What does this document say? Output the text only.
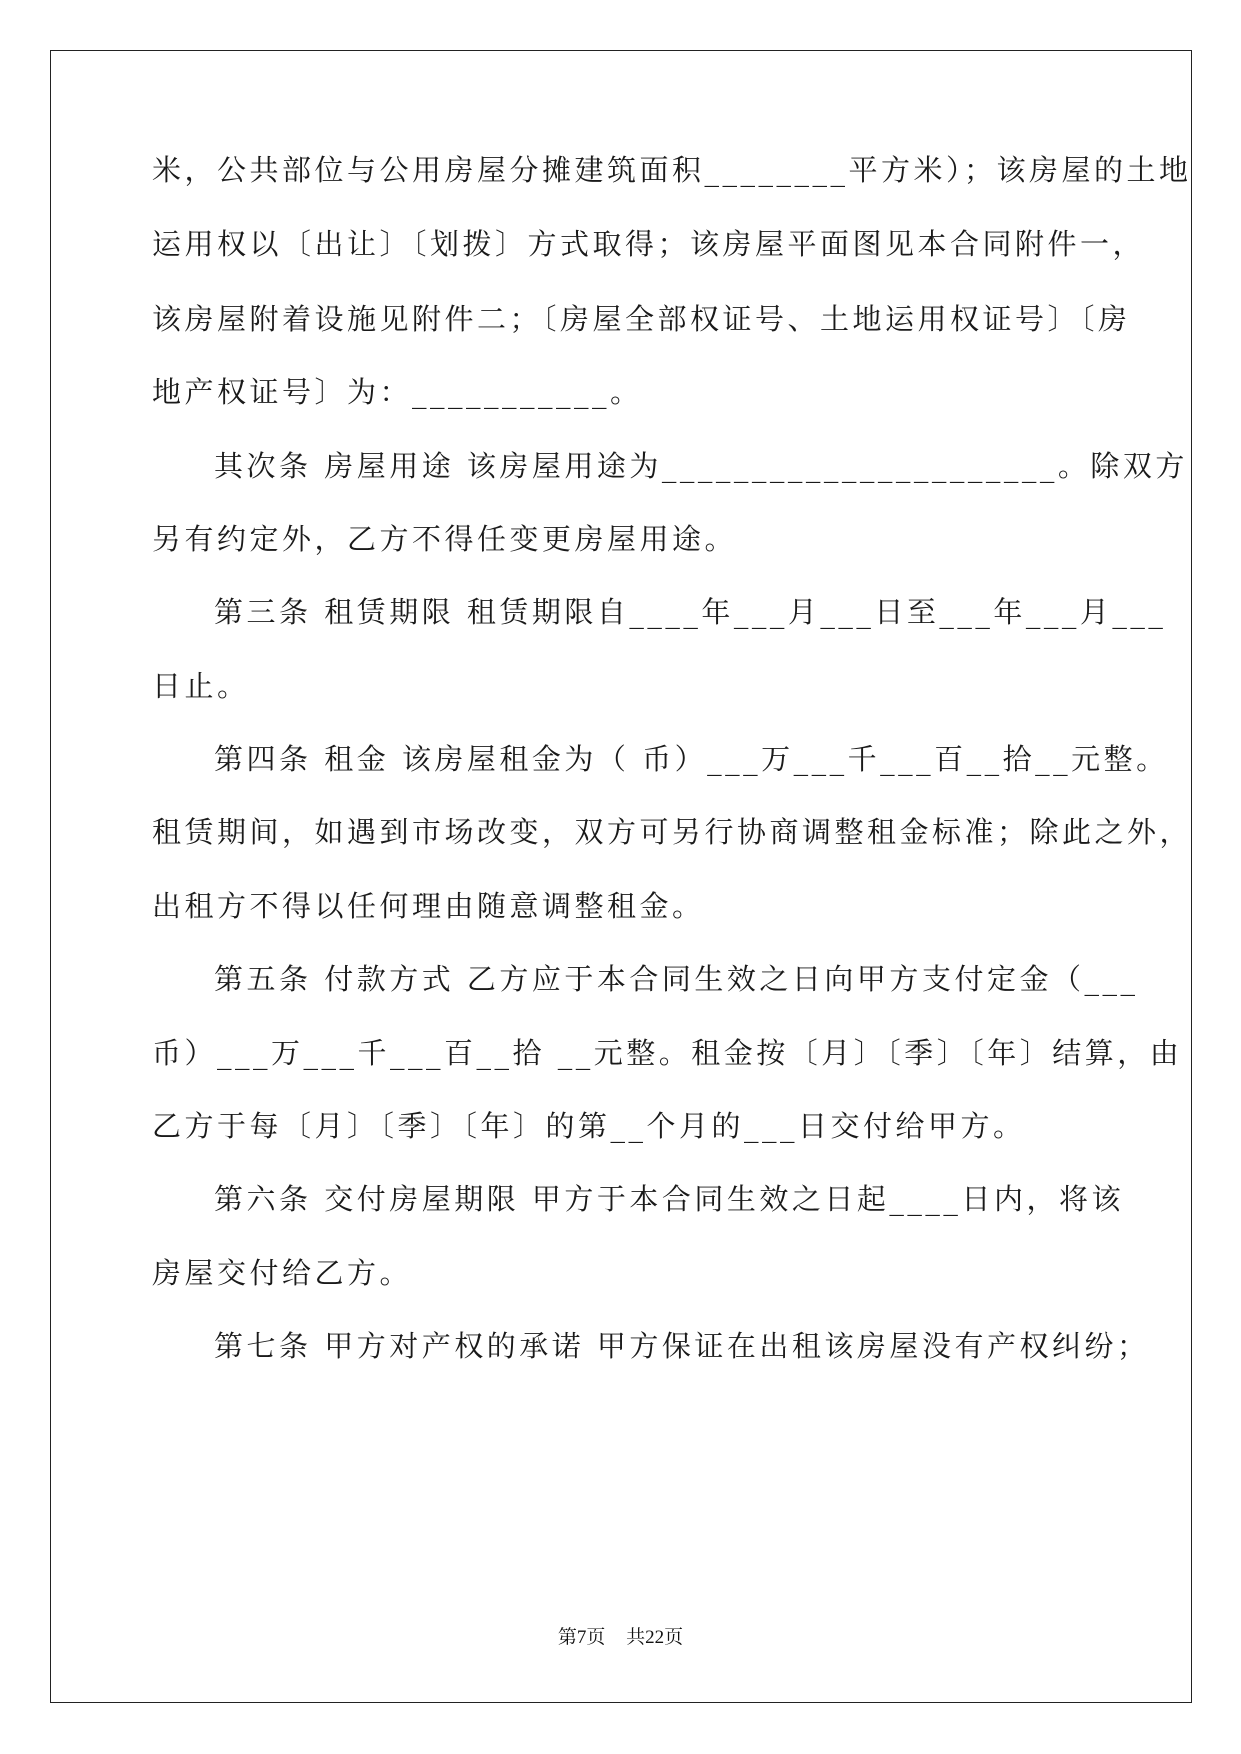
米，公共部位与公用房屋分摊建筑面积________平方米）；该房屋的土地
运用权以〔出让〕〔划拨〕方式取得；该房屋平面图见本合同附件一，
该房屋附着设施见附件二；〔房屋全部权证号、土地运用权证号〕〔房
地产权证号〕为：___________。
其次条 房屋用途 该房屋用途为______________________。除双方
另有约定外，乙方不得任变更房屋用途。
第三条 租赁期限 租赁期限自____年___月___日至___年___月___
日止。
第四条 租金 该房屋租金为（ 币）___万___千___百__拾__元整。
租赁期间，如遇到市场改变，双方可另行协商调整租金标准；除此之外，
出租方不得以任何理由随意调整租金。
第五条 付款方式 乙方应于本合同生效之日向甲方支付定金（___
币）___万___千___百__拾 __元整。租金按〔月〕〔季〕〔年〕结算，由
乙方于每〔月〕〔季〕〔年〕的第__个月的___日交付给甲方。
第六条 交付房屋期限 甲方于本合同生效之日起____日内，将该
房屋交付给乙方。
第七条 甲方对产权的承诺 甲方保证在出租该房屋没有产权纠纷；
第7页 共22页
